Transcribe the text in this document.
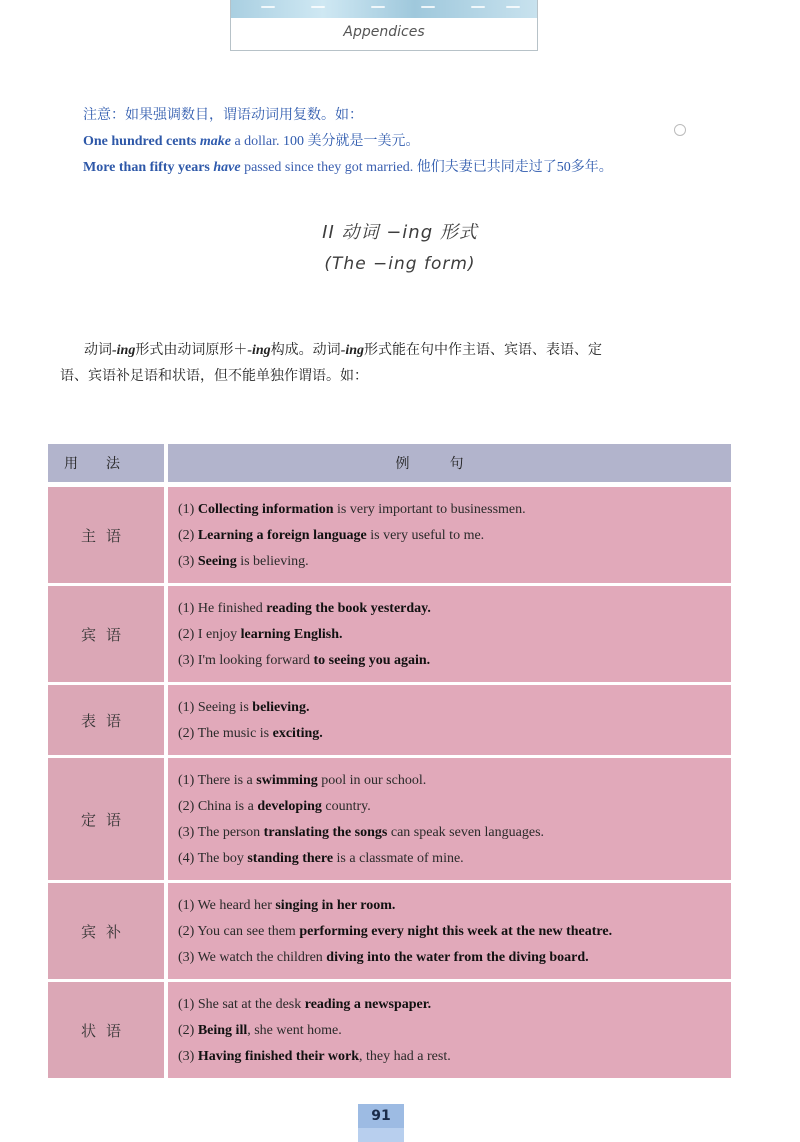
Appendices

注意：如果强调数目，谓语动词用复数。如：

One hundred cents make a dollar. 100 美分就是一美元。

More than fifty years have passed since they got married. 他们夫妻已共同走过了50多年。

II 动词 −ing 形式
(The −ing form)

动词-ing形式由动词原形＋-ing构成。动词-ing形式能在句中作主语、宾语、表语、定

语、宾语补足语和状语，但不能单独作谓语。如：

用法	例句
主语
(1) Collecting information is very important to businessmen.
(2) Learning a foreign language is very useful to me.
(3) Seeing is believing.
宾语
(1) He finished reading the book yesterday.
(2) I enjoy learning English.
(3) I'm looking forward to seeing you again.
表语
(1) Seeing is believing.
(2) The music is exciting.
定语
(1) There is a swimming pool in our school.
(2) China is a developing country.
(3) The person translating the songs can speak seven languages.
(4) The boy standing there is a classmate of mine.
宾补
(1) We heard her singing in her room.
(2) You can see them performing every night this week at the new theatre.
(3) We watch the children diving into the water from the diving board.
状语
(1) She sat at the desk reading a newspaper.
(2) Being ill, she went home.
(3) Having finished their work, they had a rest.
91
